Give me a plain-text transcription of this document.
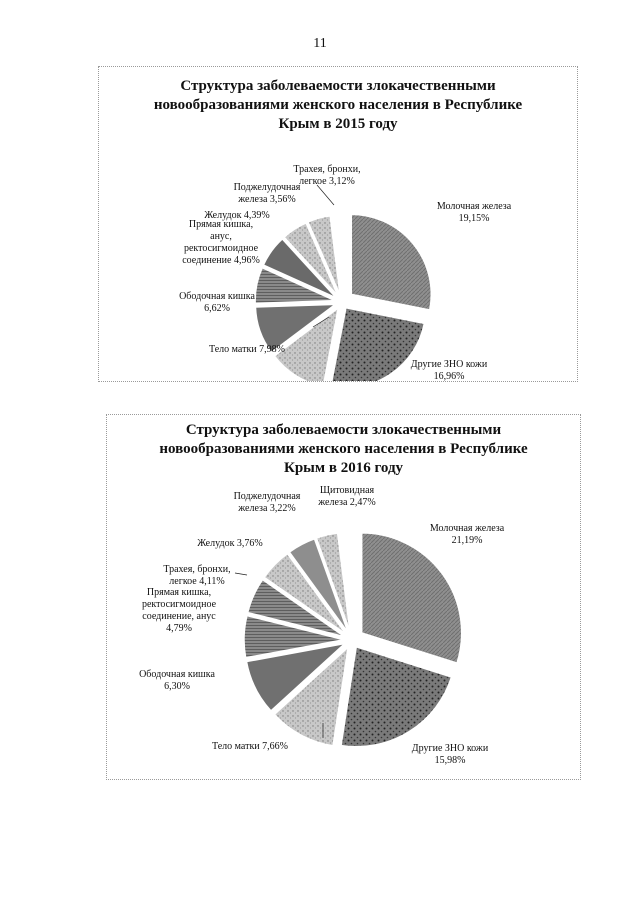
11
Структура заболеваемости злокачественными
новообразованиями женского населения в Республике
Крым в 2015 году
Молочная железа 19,15%
Другие ЗНО кожи 16,96%
Тело матки 7,98%
Ободочная кишка 6,62%
Прямая кишка, анус, ректосигмоидное соединение 4,96%
Желудок 4,39%
Поджелудочная железа 3,56%
Трахея, бронхи, легкое 3,12%
Структура заболеваемости злокачественными
новообразованиями женского населения в Республике
Крым в 2016 году
Молочная железа 21,19%
Другие ЗНО кожи 15,98%
Тело матки 7,66%
Ободочная кишка 6,30%
Прямая кишка, ректосигмоидное соединение, анус 4,79%
Трахея, бронхи, легкое 4,11%
Желудок 3,76%
Поджелудочная железа 3,22%
Щитовидная железа 2,47%
